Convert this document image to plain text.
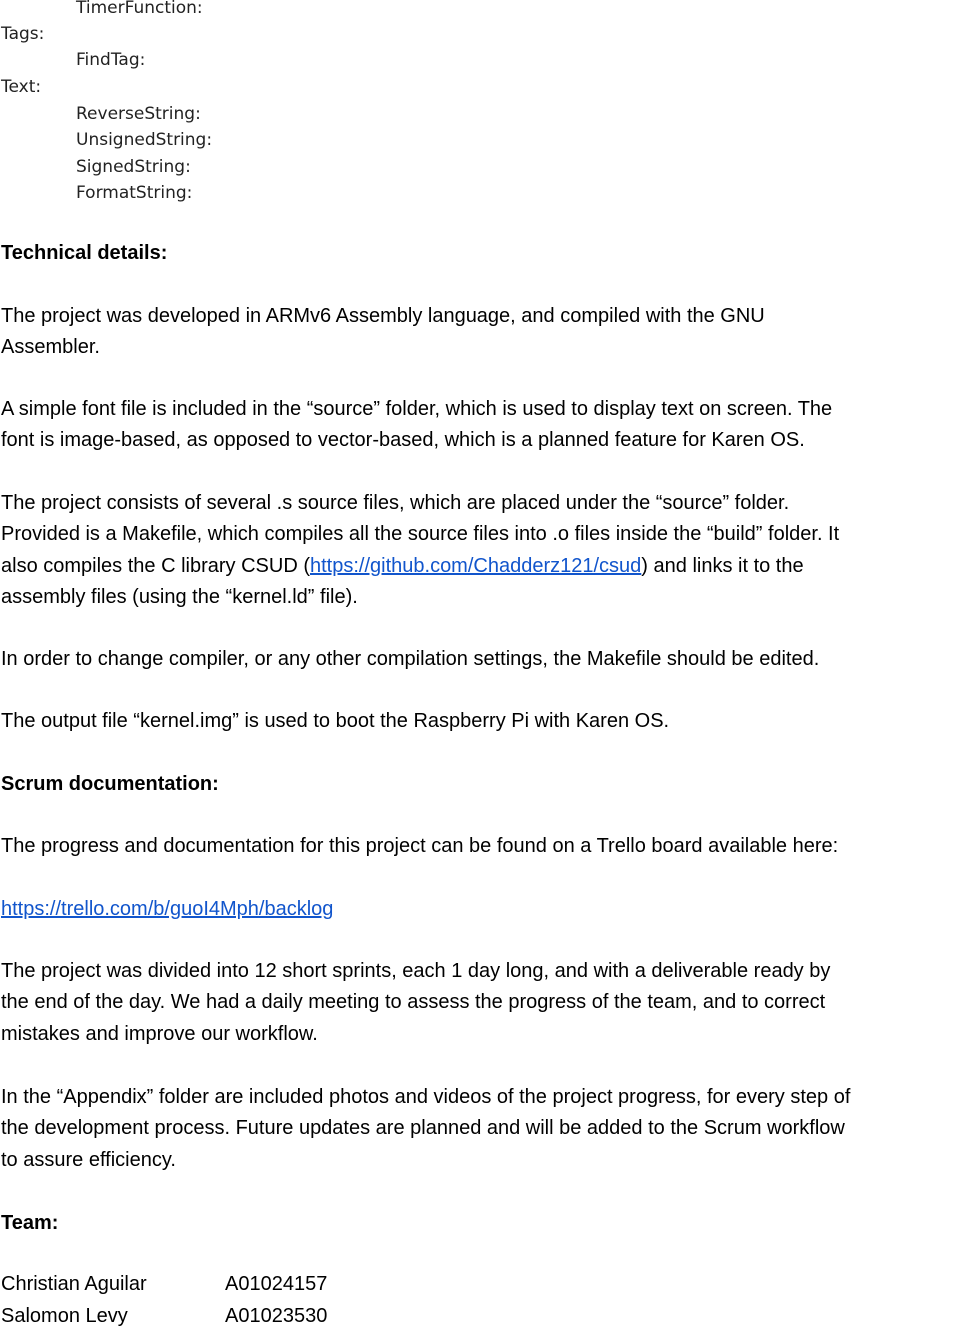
TimerFunction:
Tags:
FindTag:
Text:
ReverseString:
UnsignedString:
SignedString:
FormatString:
Technical details:
The project was developed in ARMv6 Assembly language, and compiled with the GNU
Assembler.
A simple font file is included in the “source” folder, which is used to display text on screen. The
font is image-based, as opposed to vector-based, which is a planned feature for Karen OS.
The project consists of several .s source files, which are placed under the “source” folder.
Provided is a Makefile, which compiles all the source files into .o files inside the “build” folder. It
also compiles the C library CSUD (https://github.com/Chadderz121/csud) and links it to the
assembly files (using the “kernel.ld” file).
In order to change compiler, or any other compilation settings, the Makefile should be edited.
The output file “kernel.img” is used to boot the Raspberry Pi with Karen OS.
Scrum documentation:
The progress and documentation for this project can be found on a Trello board available here:
https://trello.com/b/guoI4Mph/backlog
The project was divided into 12 short sprints, each 1 day long, and with a deliverable ready by
the end of the day. We had a daily meeting to assess the progress of the team, and to correct
mistakes and improve our workflow.
In the “Appendix” folder are included photos and videos of the project progress, for every step of
the development process. Future updates are planned and will be added to the Scrum workflow
to assure efficiency.
Team:
Christian Aguilar	A01024157
Salomon Levy	A01023530
